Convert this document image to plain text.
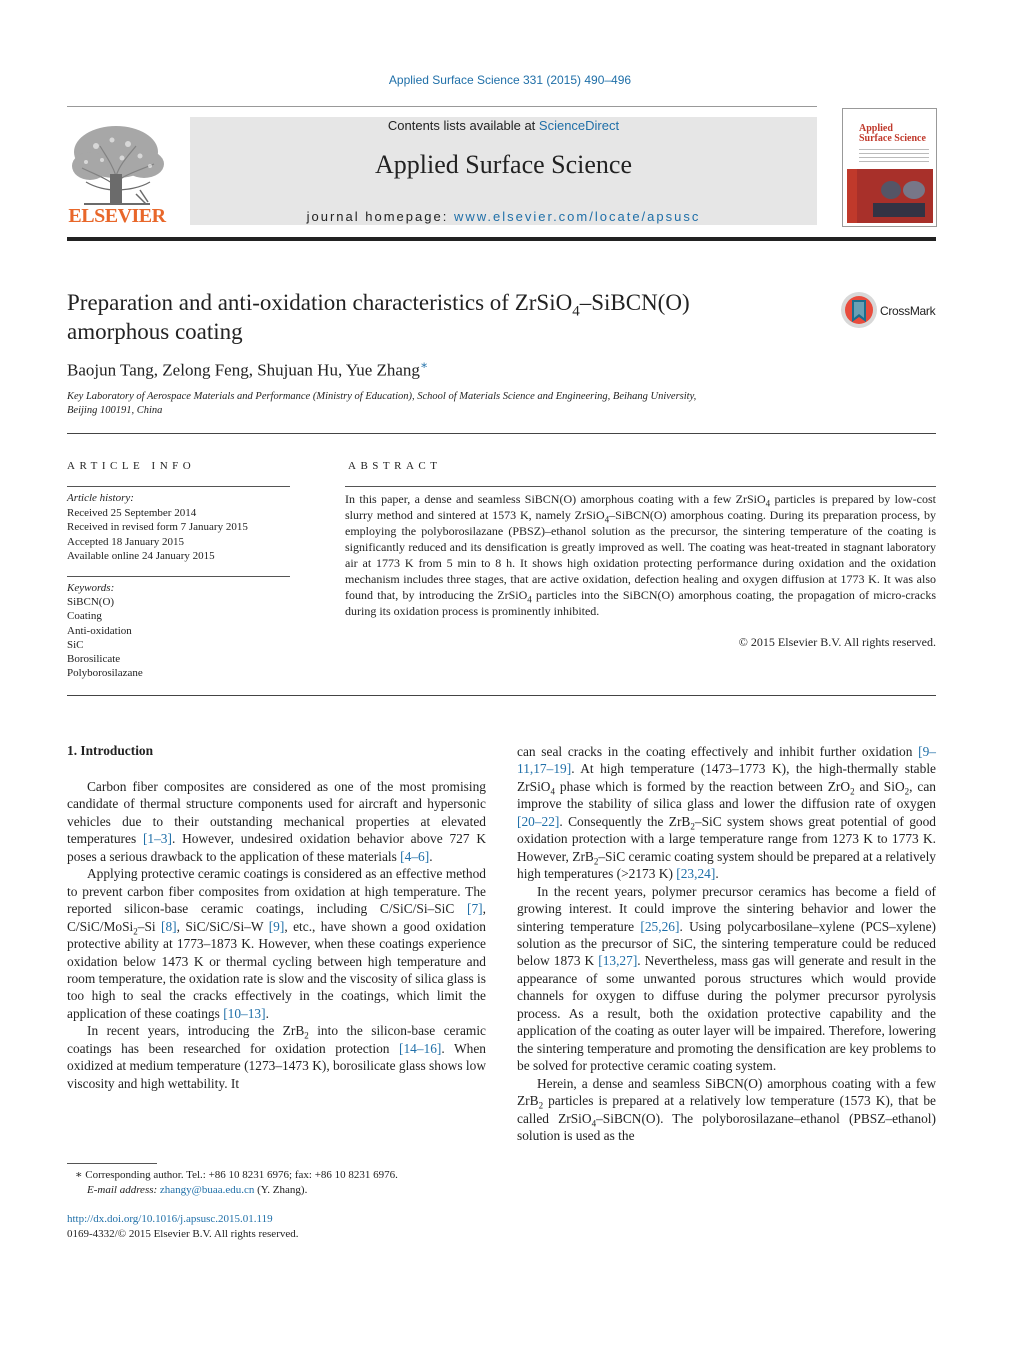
Applied Surface Science 331 (2015) 490–496
ELSEVIER
Contents lists available at ScienceDirect
Applied Surface Science
journal homepage: www.elsevier.com/locate/apsusc
Applied
Surface Science
Preparation and anti-oxidation characteristics of ZrSiO$_4$–SiBCN(O)
amorphous coating
CrossMark
Baojun Tang, Zelong Feng, Shujuan Hu, Yue Zhang∗
Key Laboratory of Aerospace Materials and Performance (Ministry of Education), School of Materials Science and Engineering, Beihang University,
Beijing 100191, China
ARTICLE INFO
Article history:
Received 25 September 2014
Received in revised form 7 January 2015
Accepted 18 January 2015
Available online 24 January 2015
Keywords:
SiBCN(O)
Coating
Anti-oxidation
SiC
Borosilicate
Polyborosilazane
ABSTRACT
In this paper, a dense and seamless SiBCN(O) amorphous coating with a few ZrSiO$_4$ particles is prepared by low-cost slurry method and sintered at 1573 K, namely ZrSiO$_4$–SiBCN(O) amorphous coating. During its preparation process, by employing the polyborosilazane (PBSZ)–ethanol solution as the precursor, the sintering temperature of the coating is significantly reduced and its densification is greatly improved as well. The coating was heat-treated in stagnant laboratory air at 1773 K from 5 min to 8 h. It shows high oxidation protecting performance during oxidation and the oxidation mechanism includes three stages, that are active oxidation, defection healing and oxygen diffusion at 1773 K. It was also found that, by introducing the ZrSiO$_4$ particles into the SiBCN(O) amorphous coating, the propagation of micro-cracks during its oxidation process is prominently inhibited.
© 2015 Elsevier B.V. All rights reserved.
1. Introduction

Carbon fiber composites are considered as one of the most promising candidate of thermal structure components used for aircraft and hypersonic vehicles due to their outstanding mechanical properties at elevated temperatures [1–3]. However, undesired oxidation behavior above 727 K poses a serious drawback to the application of these materials [4–6].

Applying protective ceramic coatings is considered as an effective method to prevent carbon fiber composites from oxidation at high temperature. The reported silicon-base ceramic coatings, including C/SiC/Si–SiC [7], C/SiC/MoSi$_2$–Si [8], SiC/SiC/Si–W [9], etc., have shown a good oxidation protective ability at 1773–1873 K. However, when these coatings experience oxidation below 1473 K or thermal cycling between high temperature and room temperature, the oxidation rate is slow and the viscosity of silica glass is too high to seal the cracks effectively in the coatings, which limit the application of these coatings [10–13].

In recent years, introducing the ZrB$_2$ into the silicon-base ceramic coatings has been researched for oxidation protection [14–16]. When oxidized at medium temperature (1273–1473 K), borosilicate glass shows low viscosity and high wettability. It

can seal cracks in the coating effectively and inhibit further oxidation [9–11,17–19]. At high temperature (1473–1773 K), the high-thermally stable ZrSiO$_4$ phase which is formed by the reaction between ZrO$_2$ and SiO$_2$, can improve the stability of silica glass and lower the diffusion rate of oxygen [20–22]. Consequently the ZrB$_2$–SiC system shows great potential of good oxidation protection with a large temperature range from 1273 K to 1773 K. However, ZrB$_2$–SiC ceramic coating system should be prepared at a relatively high temperatures (>2173 K) [23,24].

In the recent years, polymer precursor ceramics has become a field of growing interest. It could improve the sintering behavior and lower the sintering temperature [25,26]. Using polycarbosilane–xylene (PCS–xylene) solution as the precursor of SiC, the sintering temperature could be reduced below 1873 K [13,27]. Nevertheless, mass gas will generate and result in the appearance of some unwanted porous structures which would provide channels for oxygen to diffuse during the polymer precursor pyrolysis process. As a result, both the oxidation protective capability and the application of the coating as outer layer will be impaired. Therefore, lowering the sintering temperature and promoting the densification are key problems to be solved for protective ceramic coating system.

Herein, a dense and seamless SiBCN(O) amorphous coating with a few ZrB$_2$ particles is prepared at a relatively low temperature (1573 K), that be called ZrSiO$_4$–SiBCN(O). The polyborosilazane–ethanol (PBSZ–ethanol) solution is used as the

∗ Corresponding author. Tel.: +86 10 8231 6976; fax: +86 10 8231 6976.
E-mail address: zhangy@buaa.edu.cn (Y. Zhang).
http://dx.doi.org/10.1016/j.apsusc.2015.01.119
0169-4332/© 2015 Elsevier B.V. All rights reserved.
